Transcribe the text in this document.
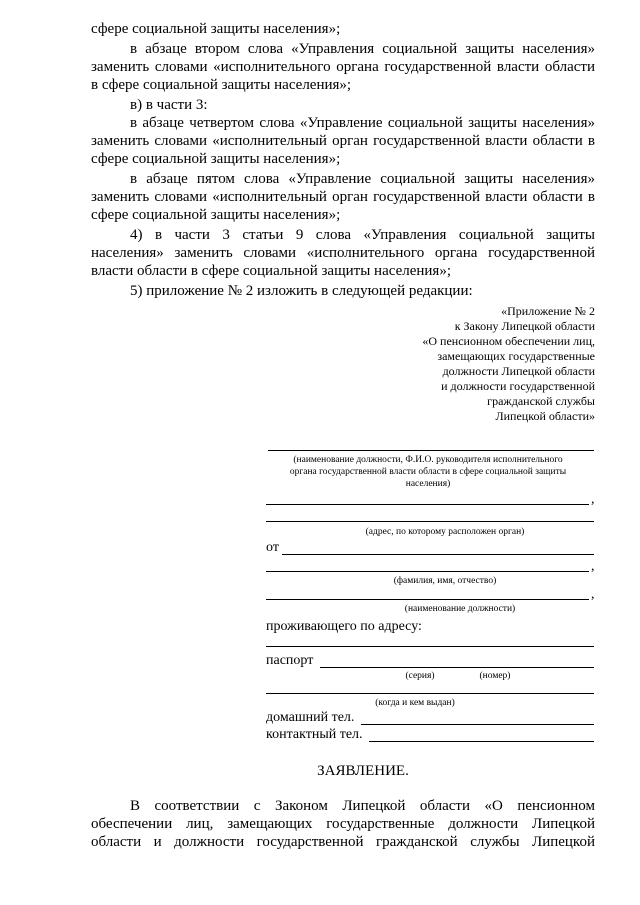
сфере социальной защиты населения»;
в абзаце втором слова «Управления социальной защиты населения»
заменить словами «исполнительного органа государственной власти области
в сфере социальной защиты населения»;
в) в части 3:
в абзаце четвертом слова «Управление социальной защиты населения»
заменить словами «исполнительный орган государственной власти области в
сфере социальной защиты населения»;
в абзаце пятом слова «Управление социальной защиты населения»
заменить словами «исполнительный орган государственной власти области в
сфере социальной защиты населения»;
4) в части 3 статьи 9 слова «Управления социальной защиты
населения» заменить словами «исполнительного органа государственной
власти области в сфере социальной защиты населения»;
5) приложение № 2 изложить в следующей редакции:
«Приложение № 2
к Закону Липецкой области
«О пенсионном обеспечении лиц,
замещающих государственные
должности Липецкой области
и должности государственной
гражданской службы
Липецкой области»
(наименование должности, Ф.И.О. руководителя исполнительного
органа государственной власти области в сфере социальной защиты
населения)
,
(адрес, по которому расположен орган)
от
,
(фамилия, имя, отчество)
,
(наименование должности)
проживающего по адресу:
паспорт
(серия)	(номер)
(когда и кем выдан)
домашний тел.
контактный тел.
ЗАЯВЛЕНИЕ.
В соответствии с Законом Липецкой области «О пенсионном
обеспечении лиц, замещающих государственные должности Липецкой
области и должности государственной гражданской службы Липецкой
